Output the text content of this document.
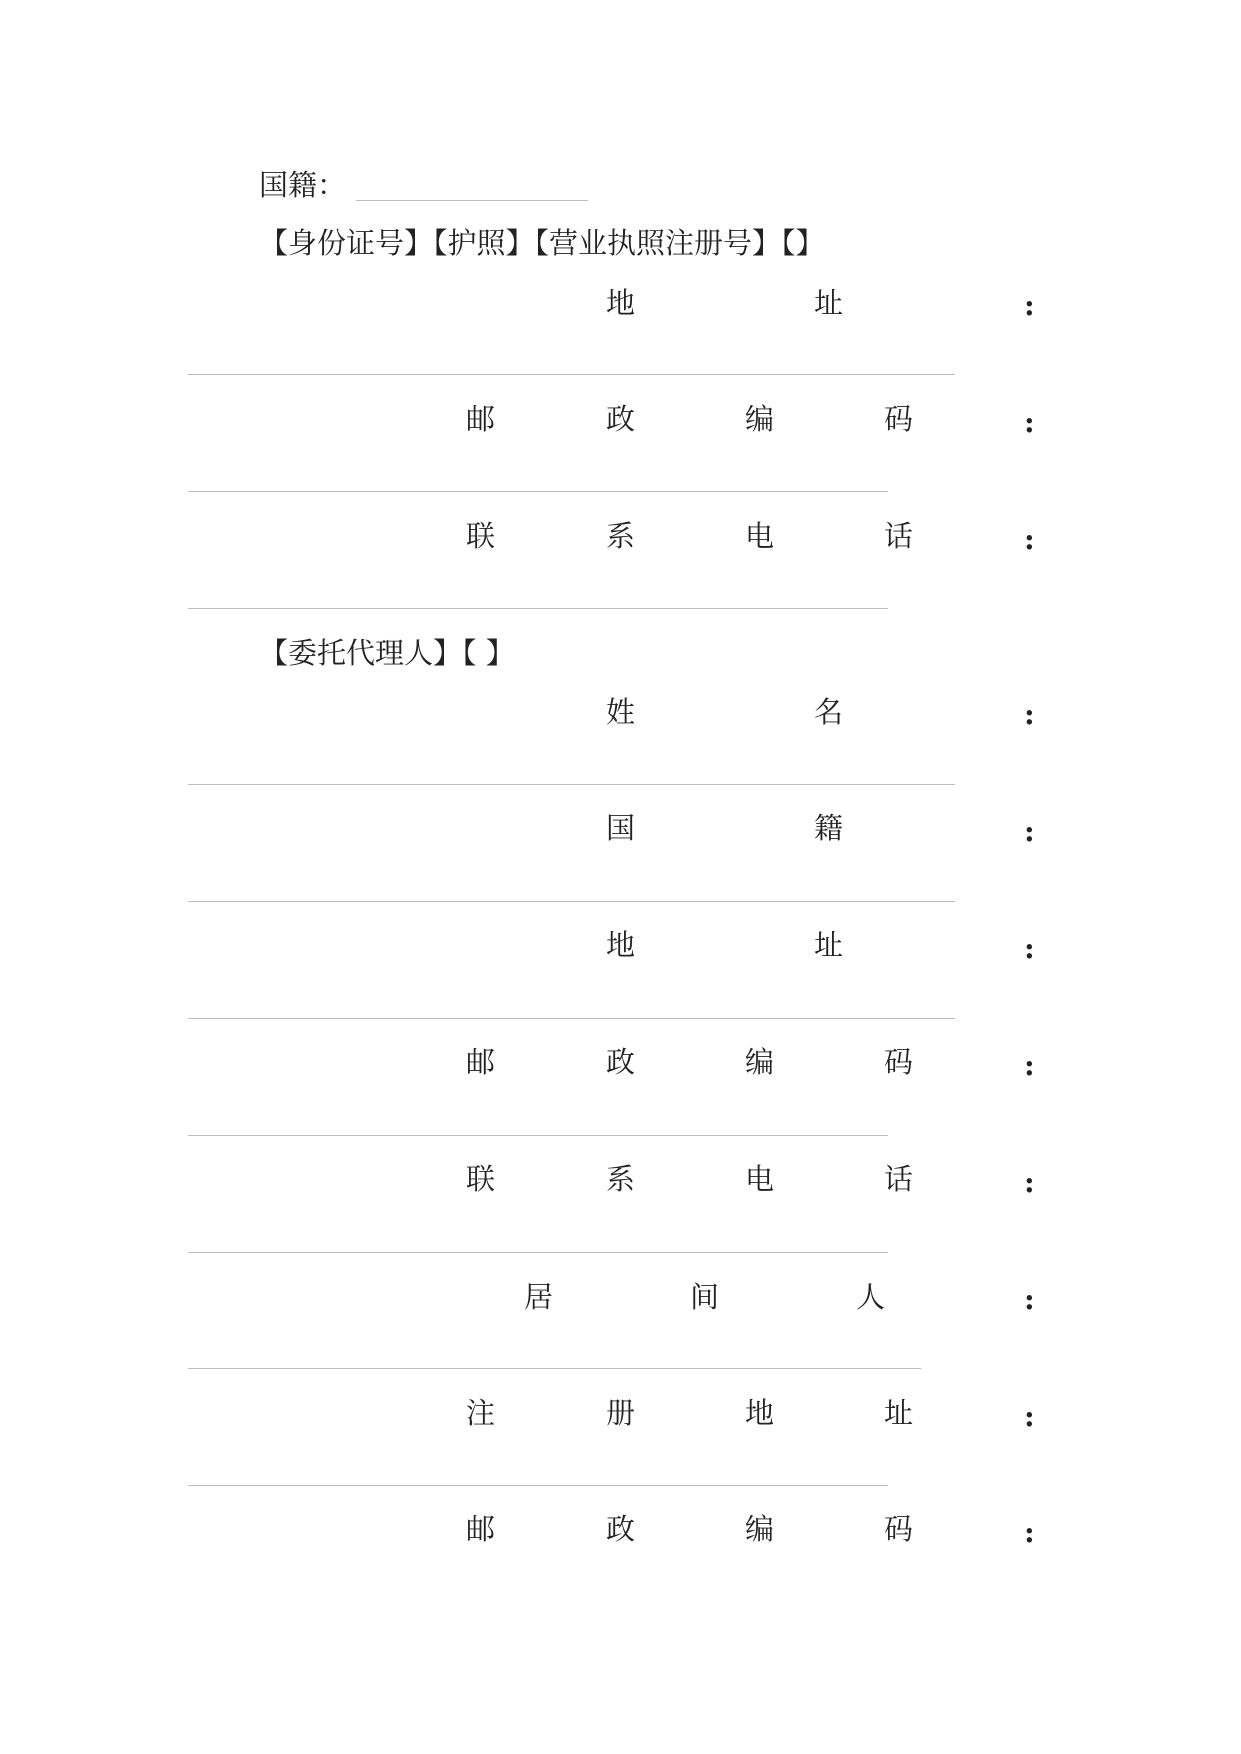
国籍：
【身份证号】【护照】【营业执照注册号】【】
地	址	:
邮	政	编	码	:
联	系	电	话	:
【委托代理人】【 】
姓	名	:
国	籍	:
地	址	:
邮	政	编	码	:
联	系	电	话	:
居	间	人	:
注	册	地	址	:
邮	政	编	码	:
